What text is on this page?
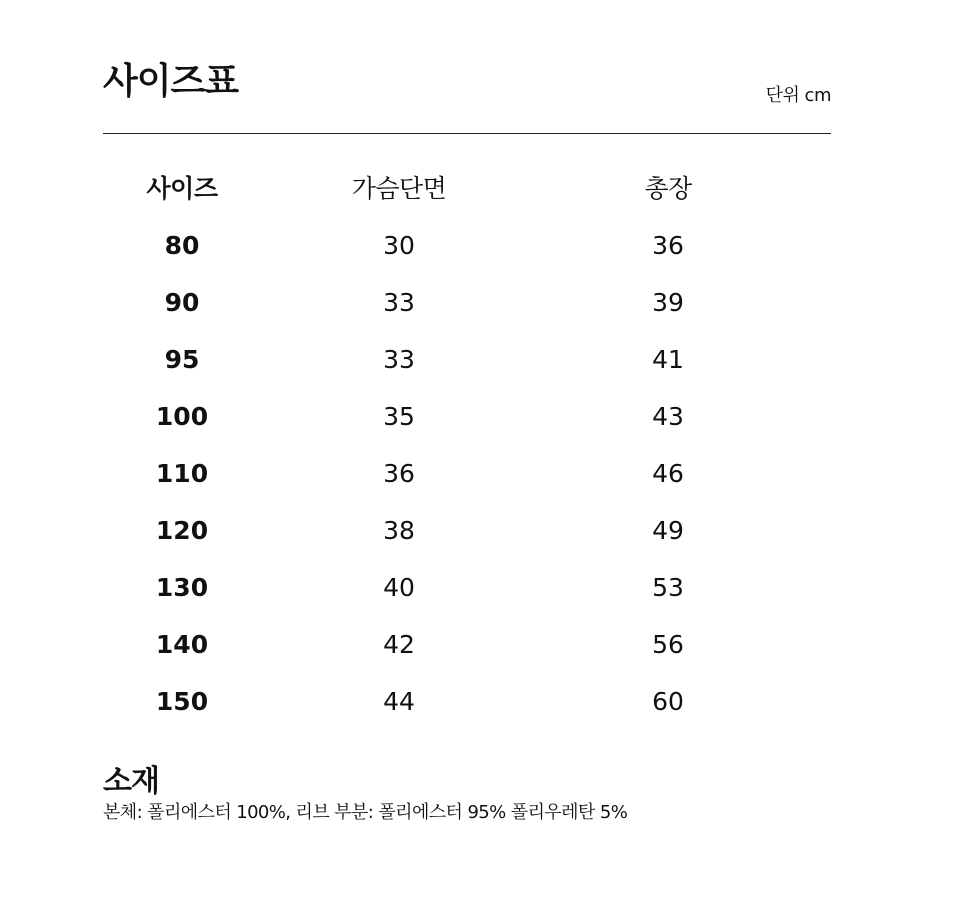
사이즈표	단위 cm
사이즈	가슴단면	총장	
80	30	36	
90	33	39	
95	33	41	
100	35	43	
110	36	46	
120	38	49	
130	40	53	
140	42	56	
150	44	60	
소재
본체: 폴리에스터 100%, 리브 부분: 폴리에스터 95% 폴리우레탄 5%
